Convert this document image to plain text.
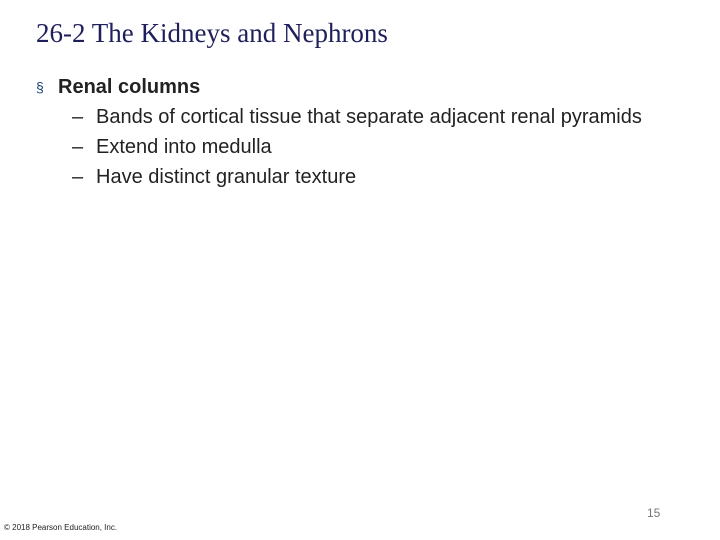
26-2 The Kidneys and Nephrons
§ Renal columns
– Bands of cortical tissue that separate adjacent renal pyramids
– Extend into medulla
– Have distinct granular texture
15
© 2018 Pearson Education, Inc.
